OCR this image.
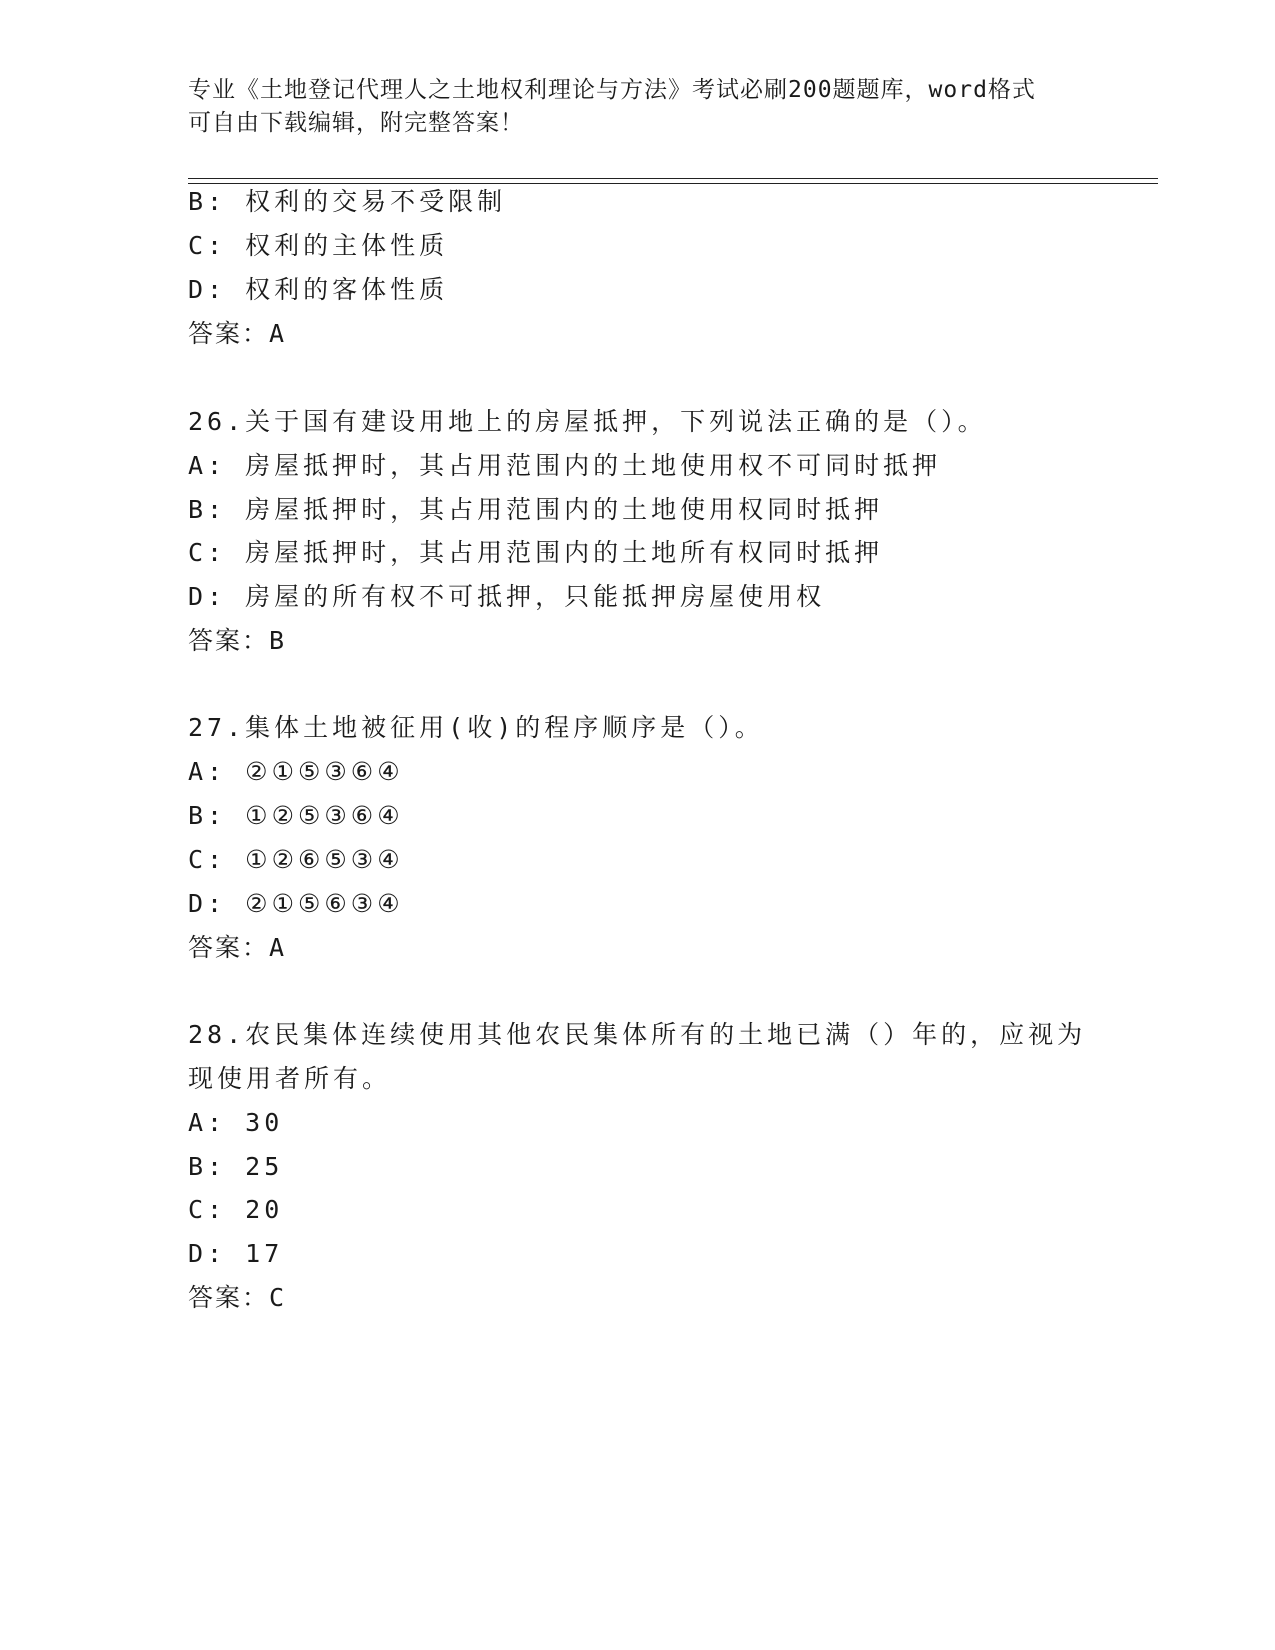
专业《土地登记代理人之土地权利理论与方法》考试必刷200题题库，word格式
可自由下载编辑，附完整答案！
B: 权利的交易不受限制
C: 权利的主体性质
D: 权利的客体性质
答案：A
26.关于国有建设用地上的房屋抵押，下列说法正确的是（）。
A: 房屋抵押时，其占用范围内的土地使用权不可同时抵押
B: 房屋抵押时，其占用范围内的土地使用权同时抵押
C: 房屋抵押时，其占用范围内的土地所有权同时抵押
D: 房屋的所有权不可抵押，只能抵押房屋使用权
答案：B
27.集体土地被征用(收)的程序顺序是（）。
A: ②①⑤③⑥④
B: ①②⑤③⑥④
C: ①②⑥⑤③④
D: ②①⑤⑥③④
答案：A
28.农民集体连续使用其他农民集体所有的土地已满（）年的，应视为
现使用者所有。
A: 30
B: 25
C: 20
D: 17
答案：C
